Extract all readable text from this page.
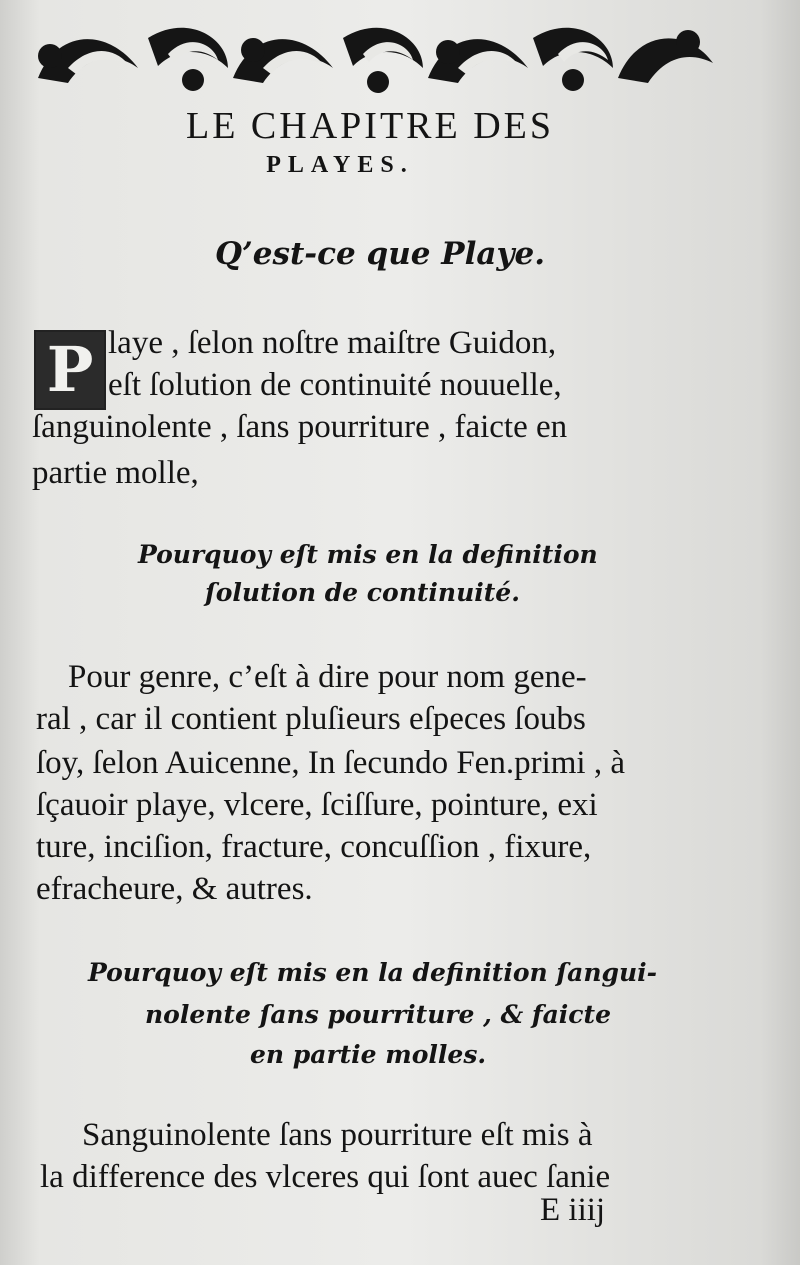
LE CHAPITRE DES
PLAYES.
Q’est-ce que Playe.
P laye , ſelon noſtre maiſtre Guidon,
eſt ſolution de continuité nouuelle,
ſanguinolente , ſans pourriture , faicte en
partie molle,
Pourquoy eſt mis en la definition
ſolution de continuité.
Pour genre, c’eſt à dire pour nom gene-
ral , car il contient pluſieurs eſpeces ſoubs
ſoy, ſelon Auicenne, In ſecundo Fen.primi , à
ſçauoir playe, vlcere, ſciſſure, pointure, exi
ture, inciſion, fracture, concuſſion , fixure,
efracheure, & autres.
Pourquoy eſt mis en la definition ſangui-
nolente ſans pourriture , & faicte
en partie molles.
Sanguinolente ſans pourriture eſt mis à
la difference des vlceres qui ſont auec ſanie
E iiij
